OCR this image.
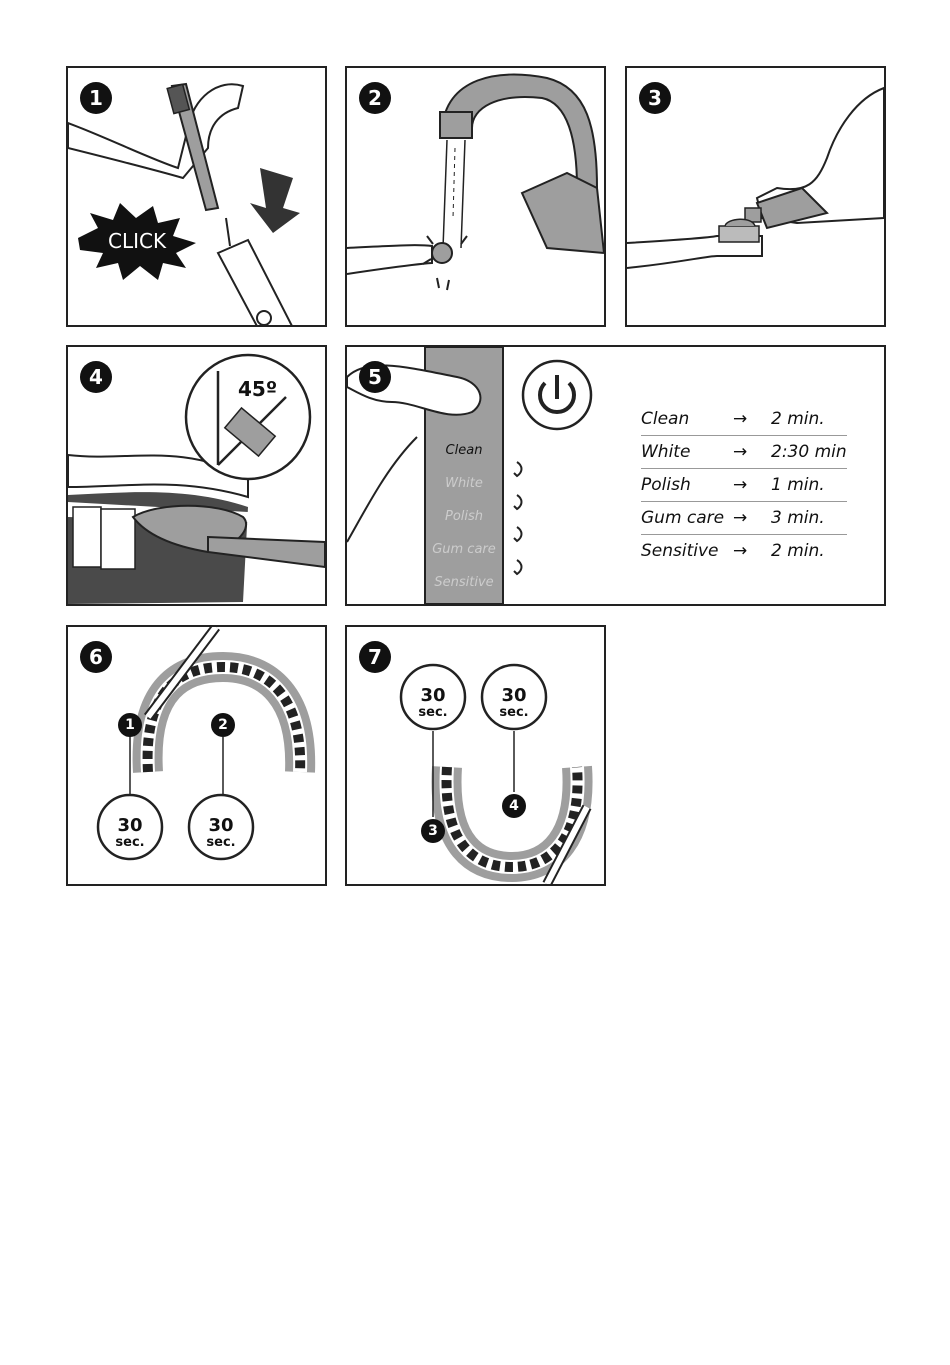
1
CLICK
2	3
4	45º	5
Clean
White
Polish
Gum care
Sensitive
Clean	→	2 min.
White	→	2:30 min
Polish	→	1 min.
Gum care →	3 min.
Sensitive →	2 min.
6
1	2
30
sec.
30
sec.
7
3
4
30
sec.
30
sec.
